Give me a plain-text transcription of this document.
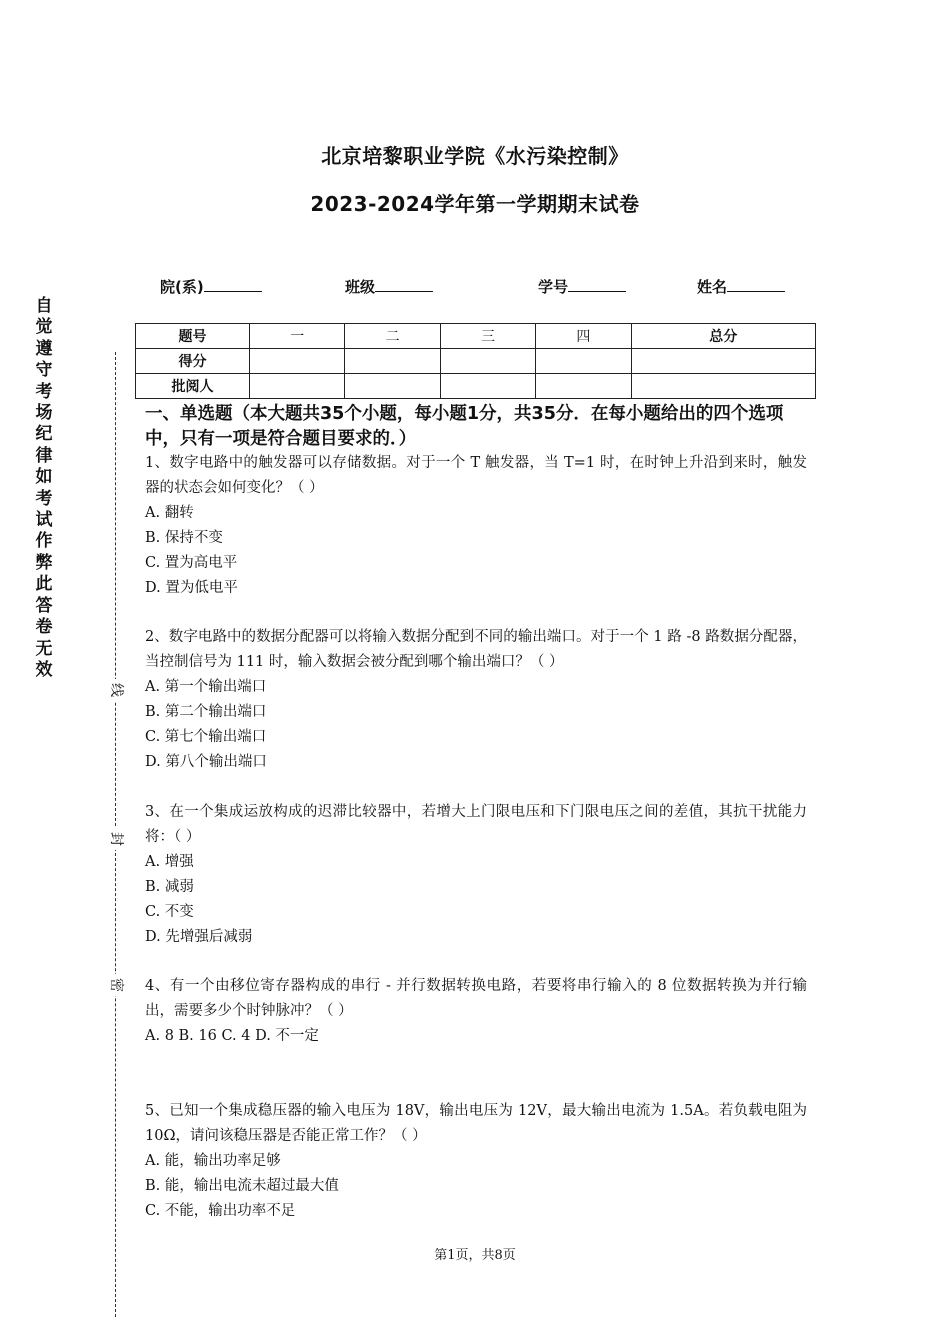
北京培黎职业学院《水污染控制》
2023-2024学年第一学期期末试卷
院(系)	班级	学号	姓名
题号	一	二	三	四	总分
得分					
批阅人					
自觉遵守考场纪律如考试作弊此答卷无效
线
封
密
一、单选题（本大题共35个小题，每小题1分，共35分．在每小题给出的四个选项中，只有一项是符合题目要求的．）
1、数字电路中的触发器可以存储数据。对于一个 T 触发器，当 T=1 时，在时钟上升沿到来时，触发器的状态会如何变化？（ ）
A. 翻转
B. 保持不变
C. 置为高电平
D. 置为低电平
2、数字电路中的数据分配器可以将输入数据分配到不同的输出端口。对于一个 1 路 -8 路数据分配器，当控制信号为 111 时，输入数据会被分配到哪个输出端口？（ ）
A. 第一个输出端口
B. 第二个输出端口
C. 第七个输出端口
D. 第八个输出端口
3、在一个集成运放构成的迟滞比较器中，若增大上门限电压和下门限电压之间的差值，其抗干扰能力将：（ ）
A. 增强
B. 减弱
C. 不变
D. 先增强后减弱
4、有一个由移位寄存器构成的串行 - 并行数据转换电路，若要将串行输入的 8 位数据转换为并行输出，需要多少个时钟脉冲？（ ）
A. 8 B. 16 C. 4 D. 不一定
5、已知一个集成稳压器的输入电压为 18V，输出电压为 12V，最大输出电流为 1.5A。若负载电阻为 10Ω，请问该稳压器是否能正常工作？（ ）
A. 能，输出功率足够
B. 能，输出电流未超过最大值
C. 不能，输出功率不足
第1页，共8页
